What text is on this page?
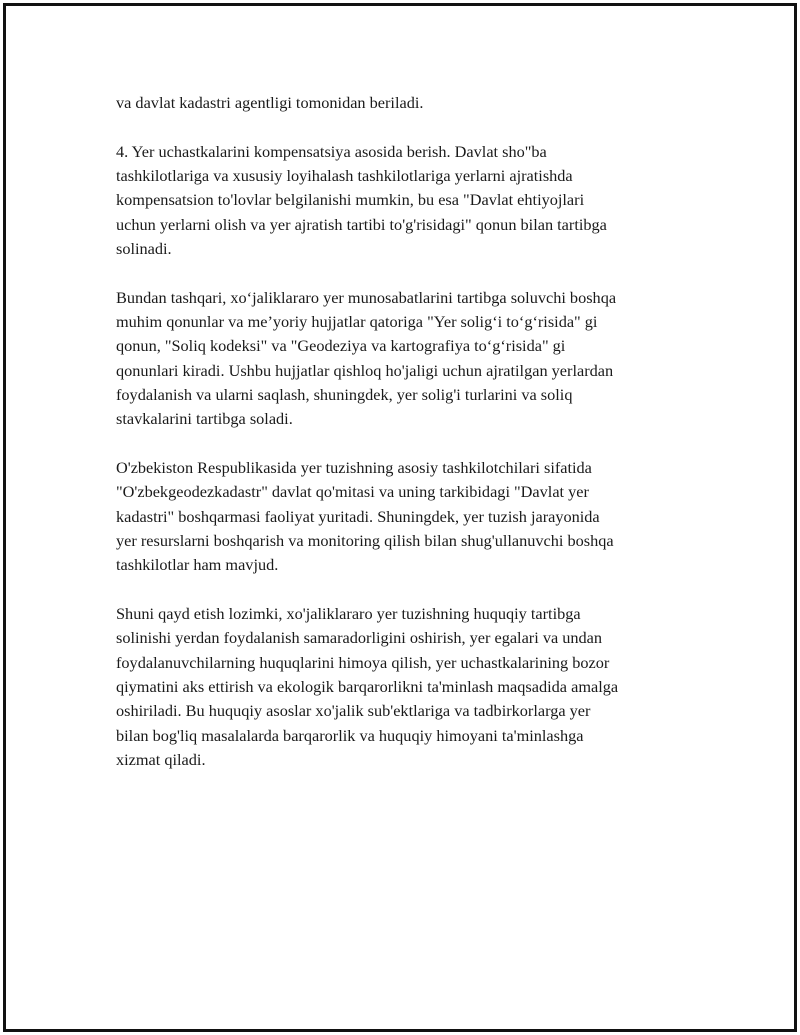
va davlat kadastri agentligi tomonidan beriladi.

4. Yer uchastkalarini kompensatsiya asosida berish. Davlat sho"ba
tashkilotlariga va xususiy loyihalash tashkilotlariga yerlarni ajratishda
kompensatsion to'lovlar belgilanishi mumkin, bu esa "Davlat ehtiyojlari
uchun yerlarni olish va yer ajratish tartibi to'g'risidagi" qonun bilan tartibga
solinadi.

Bundan tashqari, xo‘jaliklararo yer munosabatlarini tartibga soluvchi boshqa
muhim qonunlar va me’yoriy hujjatlar qatoriga "Yer solig‘i to‘g‘risida" gi
qonun, "Soliq kodeksi" va "Geodeziya va kartografiya to‘g‘risida" gi
qonunlari kiradi. Ushbu hujjatlar qishloq ho'jaligi uchun ajratilgan yerlardan
foydalanish va ularni saqlash, shuningdek, yer solig'i turlarini va soliq
stavkalarini tartibga soladi.

O'zbekiston Respublikasida yer tuzishning asosiy tashkilotchilari sifatida
"O'zbekgeodezkadastr" davlat qo'mitasi va uning tarkibidagi "Davlat yer
kadastri" boshqarmasi faoliyat yuritadi. Shuningdek, yer tuzish jarayonida
yer resurslarni boshqarish va monitoring qilish bilan shug'ullanuvchi boshqa
tashkilotlar ham mavjud.

Shuni qayd etish lozimki, xo'jaliklararo yer tuzishning huquqiy tartibga
solinishi yerdan foydalanish samaradorligini oshirish, yer egalari va undan
foydalanuvchilarning huquqlarini himoya qilish, yer uchastkalarining bozor
qiymatini aks ettirish va ekologik barqarorlikni ta'minlash maqsadida amalga
oshiriladi. Bu huquqiy asoslar xo'jalik sub'ektlariga va tadbirkorlarga yer
bilan bog'liq masalalarda barqarorlik va huquqiy himoyani ta'minlashga
xizmat qiladi.
